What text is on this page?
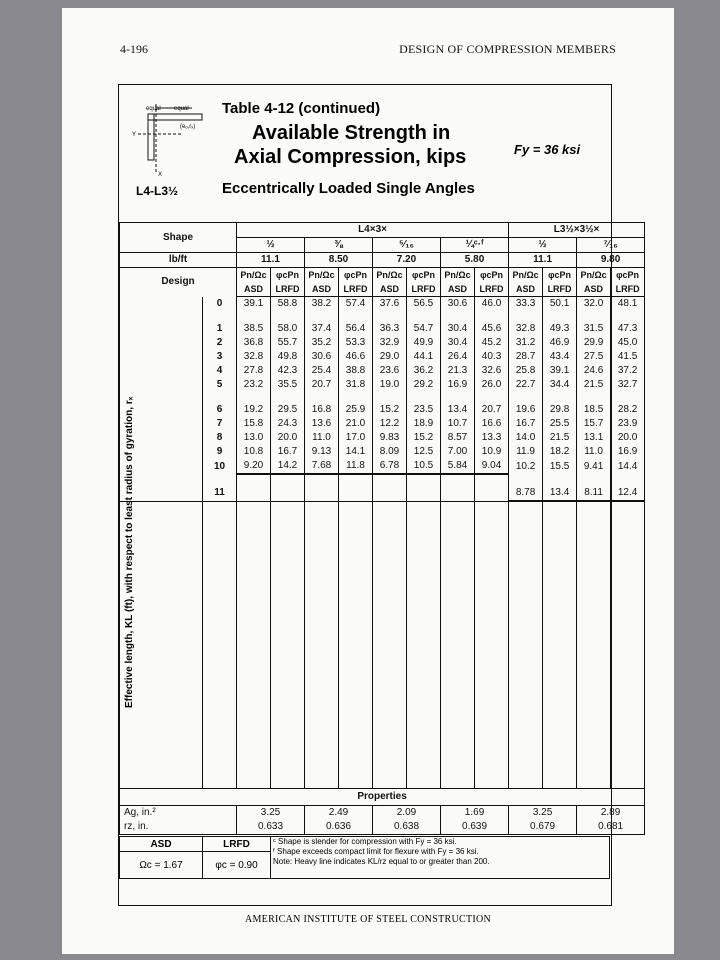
4-196	DESIGN OF COMPRESSION MEMBERS
equal equal
(eₒ,rₓ)
Y
X
Table 4-12 (continued)
Available Strength in
Axial Compression, kips	Fy = 36 ksi
L4-L3½	Eccentrically Loaded Single Angles
Effective length, KL (ft), with respect to least radius of gyration, rₓ
Shape		L4×3×								L3½×3½×			
		½		⅜		⁵⁄₁₆		¼ᶜ·ᶠ		½		⁷⁄₁₆	
lb/ft		11.1		8.50		7.20		5.80		11.1		9.80	
Design		Pn/Ωc	φcPn	Pn/Ωc	φcPn	Pn/Ωc	φcPn	Pn/Ωc	φcPn	Pn/Ωc	φcPn	Pn/Ωc	φcPn
		ASD	LRFD	ASD	LRFD	ASD	LRFD	ASD	LRFD	ASD	LRFD	ASD	LRFD
	0	39.1	58.8	38.2	57.4	37.6	56.5	30.6	46.0	33.3	50.1	32.0	48.1

	1	38.5	58.0	37.4	56.4	36.3	54.7	30.4	45.6	32.8	49.3	31.5	47.3
	2	36.8	55.7	35.2	53.3	32.9	49.9	30.4	45.2	31.2	46.9	29.9	45.0
	3	32.8	49.8	30.6	46.6	29.0	44.1	26.4	40.3	28.7	43.4	27.5	41.5
	4	27.8	42.3	25.4	38.8	23.6	36.2	21.3	32.6	25.8	39.1	24.6	37.2
	5	23.2	35.5	20.7	31.8	19.0	29.2	16.9	26.0	22.7	34.4	21.5	32.7

	6	19.2	29.5	16.8	25.9	15.2	23.5	13.4	20.7	19.6	29.8	18.5	28.2
	7	15.8	24.3	13.6	21.0	12.2	18.9	10.7	16.6	16.7	25.5	15.7	23.9
	8	13.0	20.0	11.0	17.0	9.83	15.2	8.57	13.3	14.0	21.5	13.1	20.0
	9	10.8	16.7	9.13	14.1	8.09	12.5	7.00	10.9	11.9	18.2	11.0	16.9
	10	9.20	14.2	7.68	11.8	6.78	10.5	5.84	9.04	10.2	15.5	9.41	14.4

	11									8.78	13.4	8.11	12.4

Properties													
Ag, in.²		3.25		2.49		2.09		1.69		3.25		2.89	
rz, in.		0.633		0.636		0.638		0.639		0.679		0.681	
ASD	LRFD	ᶜ Shape is slender for compression with Fy = 36 ksi.
ᶠ Shape exceeds compact limit for flexure with Fy = 36 ksi.
Note: Heavy line indicates KL/rz equal to or greater than 200.

Ωc = 1.67	φc = 0.90	
AMERICAN INSTITUTE OF STEEL CONSTRUCTION
